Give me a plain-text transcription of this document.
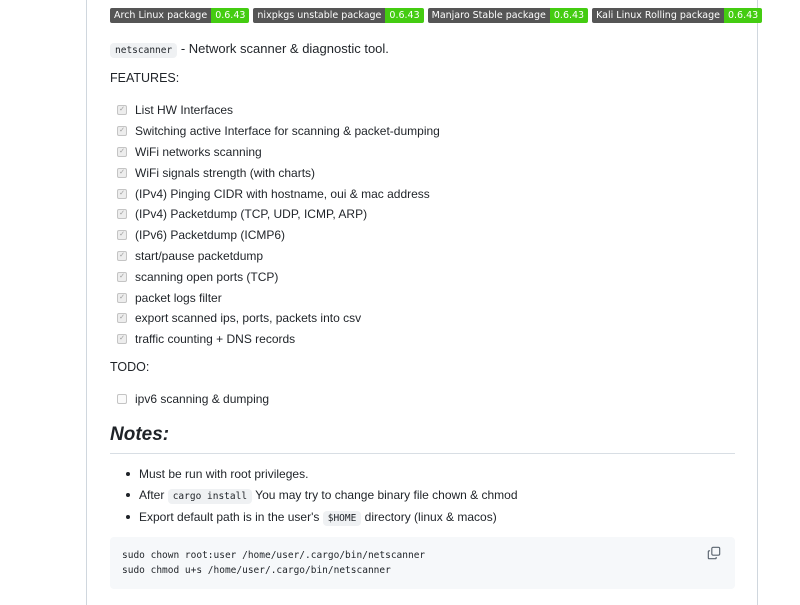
Arch Linux package 0.6.43	nixpkgs unstable package 0.6.43	Manjaro Stable package 0.6.43	Kali Linux Rolling package 0.6.43
netscanner - Network scanner & diagnostic tool.
FEATURES:
✓ List HW Interfaces
✓ Switching active Interface for scanning & packet-dumping
✓ WiFi networks scanning
✓ WiFi signals strength (with charts)
✓ (IPv4) Pinging CIDR with hostname, oui & mac address
✓ (IPv4) Packetdump (TCP, UDP, ICMP, ARP)
✓ (IPv6) Packetdump (ICMP6)
✓ start/pause packetdump
✓ scanning open ports (TCP)
✓ packet logs filter
✓ export scanned ips, ports, packets into csv
✓ traffic counting + DNS records
TODO:
ipv6 scanning & dumping
Notes:
Must be run with root privileges.
After cargo install You may try to change binary file chown & chmod
Export default path is in the user's $HOME directory (linux & macos)
sudo chown root:user /home/user/.cargo/bin/netscanner
sudo chmod u+s /home/user/.cargo/bin/netscanner
